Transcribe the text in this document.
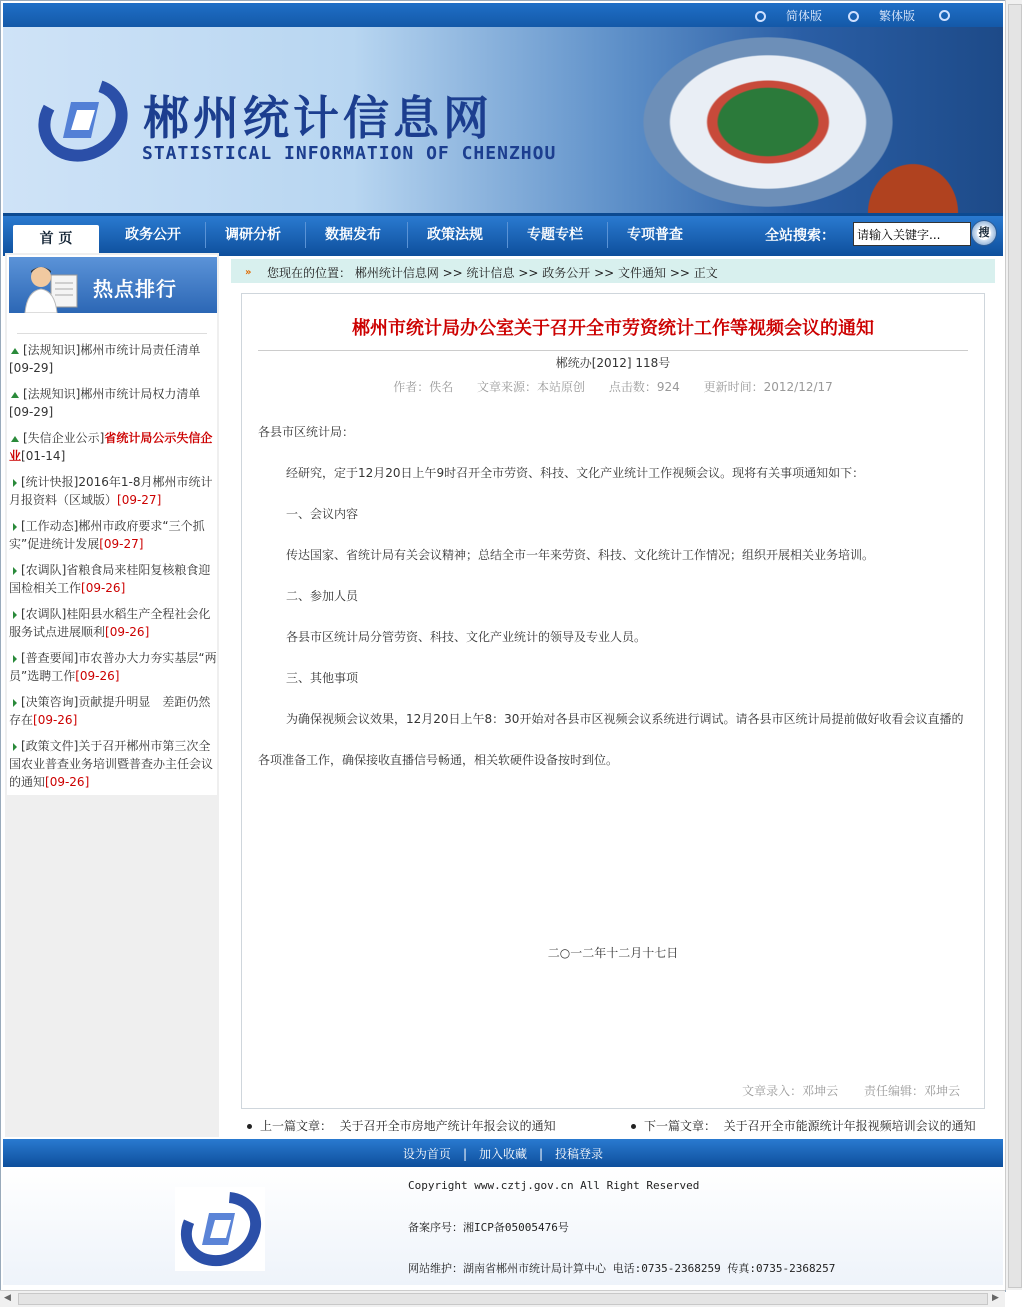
简体版	繁体版
郴州统计信息网
STATISTICAL INFORMATION OF CHENZHOU
首 页	政务公开	调研分析	数据发布	政策法规	专题专栏	专项普查	全站搜索：
请输入关键字...	搜
热点排行
[法规知识]郴州市统计局责任清单
[09-29]
[法规知识]郴州市统计局权力清单
[09-29]
[失信企业公示]省统计局公示失信企业[01-14]
[统计快报]2016年1-8月郴州市统计月报资料（区域版）[09-27]
[工作动态]郴州市政府要求“三个抓实”促进统计发展[09-27]
[农调队]省粮食局来桂阳复核粮食迎国检相关工作[09-26]
[农调队]桂阳县水稻生产全程社会化服务试点进展顺利[09-26]
[普查要闻]市农普办大力夯实基层“两员”选聘工作[09-26]
[决策咨询]贡献提升明显　差距仍然存在[09-26]
[政策文件]关于召开郴州市第三次全国农业普查业务培训暨普查办主任会议的通知[09-26]
» 您现在的位置： 郴州统计信息网 >> 统计信息 >> 政务公开 >> 文件通知 >> 正文
郴州市统计局办公室关于召开全市劳资统计工作等视频会议的通知
郴统办[2012] 118号
作者：佚名 文章来源：本站原创 点击数：924 更新时间：2012/12/17

各县市区统计局：

经研究，定于12月20日上午9时召开全市劳资、科技、文化产业统计工作视频会议。现将有关事项通知如下：

一、会议内容

传达国家、省统计局有关会议精神；总结全市一年来劳资、科技、文化统计工作情况；组织开展相关业务培训。

二、参加人员

各县市区统计局分管劳资、科技、文化产业统计的领导及专业人员。

三、其他事项

为确保视频会议效果，12月20日上午8：30开始对各县市区视频会议系统进行调试。请各县市区统计局提前做好收看会议直播的各项准备工作，确保接收直播信号畅通，相关软硬件设备按时到位。

二○一二年十二月十七日
文章录入：邓坤云 责任编辑：邓坤云
上一篇文章： 关于召开全市房地产统计年报会议的通知	下一篇文章： 关于召开全市能源统计年报视频培训会议的通知
设为首页 | 加入收藏 | 投稿登录
Copyright www.cztj.gov.cn All Right Reserved
备案序号：湘ICP备05005476号
网站维护：湖南省郴州市统计局计算中心 电话:0735-2368259 传真:0735-2368257
◀	▶
